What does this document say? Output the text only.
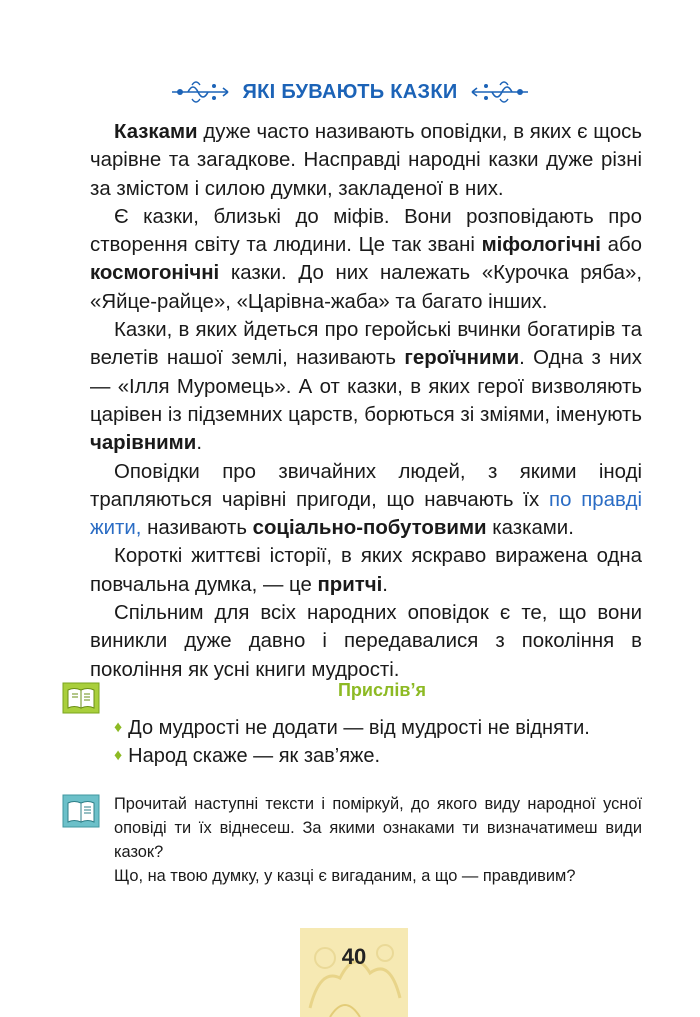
ЯКІ БУВАЮТЬ КАЗКИ

Казками дуже часто називають оповідки, в яких є щось чарівне та загадкове. Насправді народні казки дуже різні за змістом і силою думки, закладеної в них.

Є казки, близькі до міфів. Вони розповідають про створення світу та людини. Це так звані міфологічні або космогонічні казки. До них належать «Курочка ряба», «Яйце-райце», «Царівна-жаба» та багато інших.

Казки, в яких йдеться про геройські вчинки богатирів та велетів нашої землі, називають героїчними. Одна з них — «Ілля Муромець». А от казки, в яких герої визволяють царівен із підземних царств, борються зі зміями, іменують чарівними.

Оповідки про звичайних людей, з якими іноді трапляються чарівні пригоди, що навчають їх по правді жити, називають соціально-побутовими казками.

Короткі життєві історії, в яких яскраво виражена одна повчальна думка, — це притчі.

Спільним для всіх народних оповідок є те, що вони виникли дуже давно і передавалися з покоління в покоління як усні книги мудрості.

Прислів’я
♦ До мудрості не додати — від мудрості не відняти.
♦ Народ скаже — як зав’яже.

Прочитай наступні тексти і поміркуй, до якого виду народної усної оповіді ти їх віднесеш. За якими ознаками ти визначатимеш види казок?

Що, на твою думку, у казці є вигаданим, а що — правдивим?

40
